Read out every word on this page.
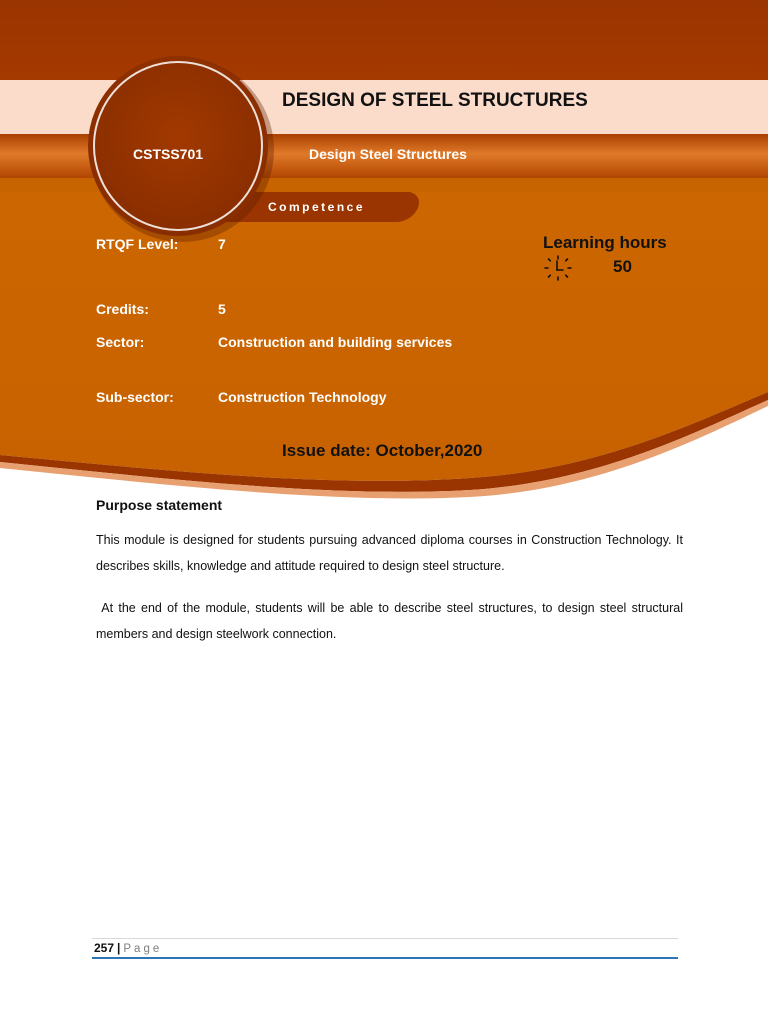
DESIGN OF STEEL STRUCTURES
CSTSS701	Design Steel Structures
Competence
RTQF Level:	7
Credits:	5
Sector:	Construction and building services
Sub-sector:	Construction Technology
Learning hours
50
Issue date: October,2020
Purpose statement
This module is designed for students pursuing advanced diploma courses in Construction Technology. It describes skills, knowledge and attitude required to design steel structure.
At the end of the module, students will be able to describe steel structures, to design steel structural members and design steelwork connection.
257 | Page
